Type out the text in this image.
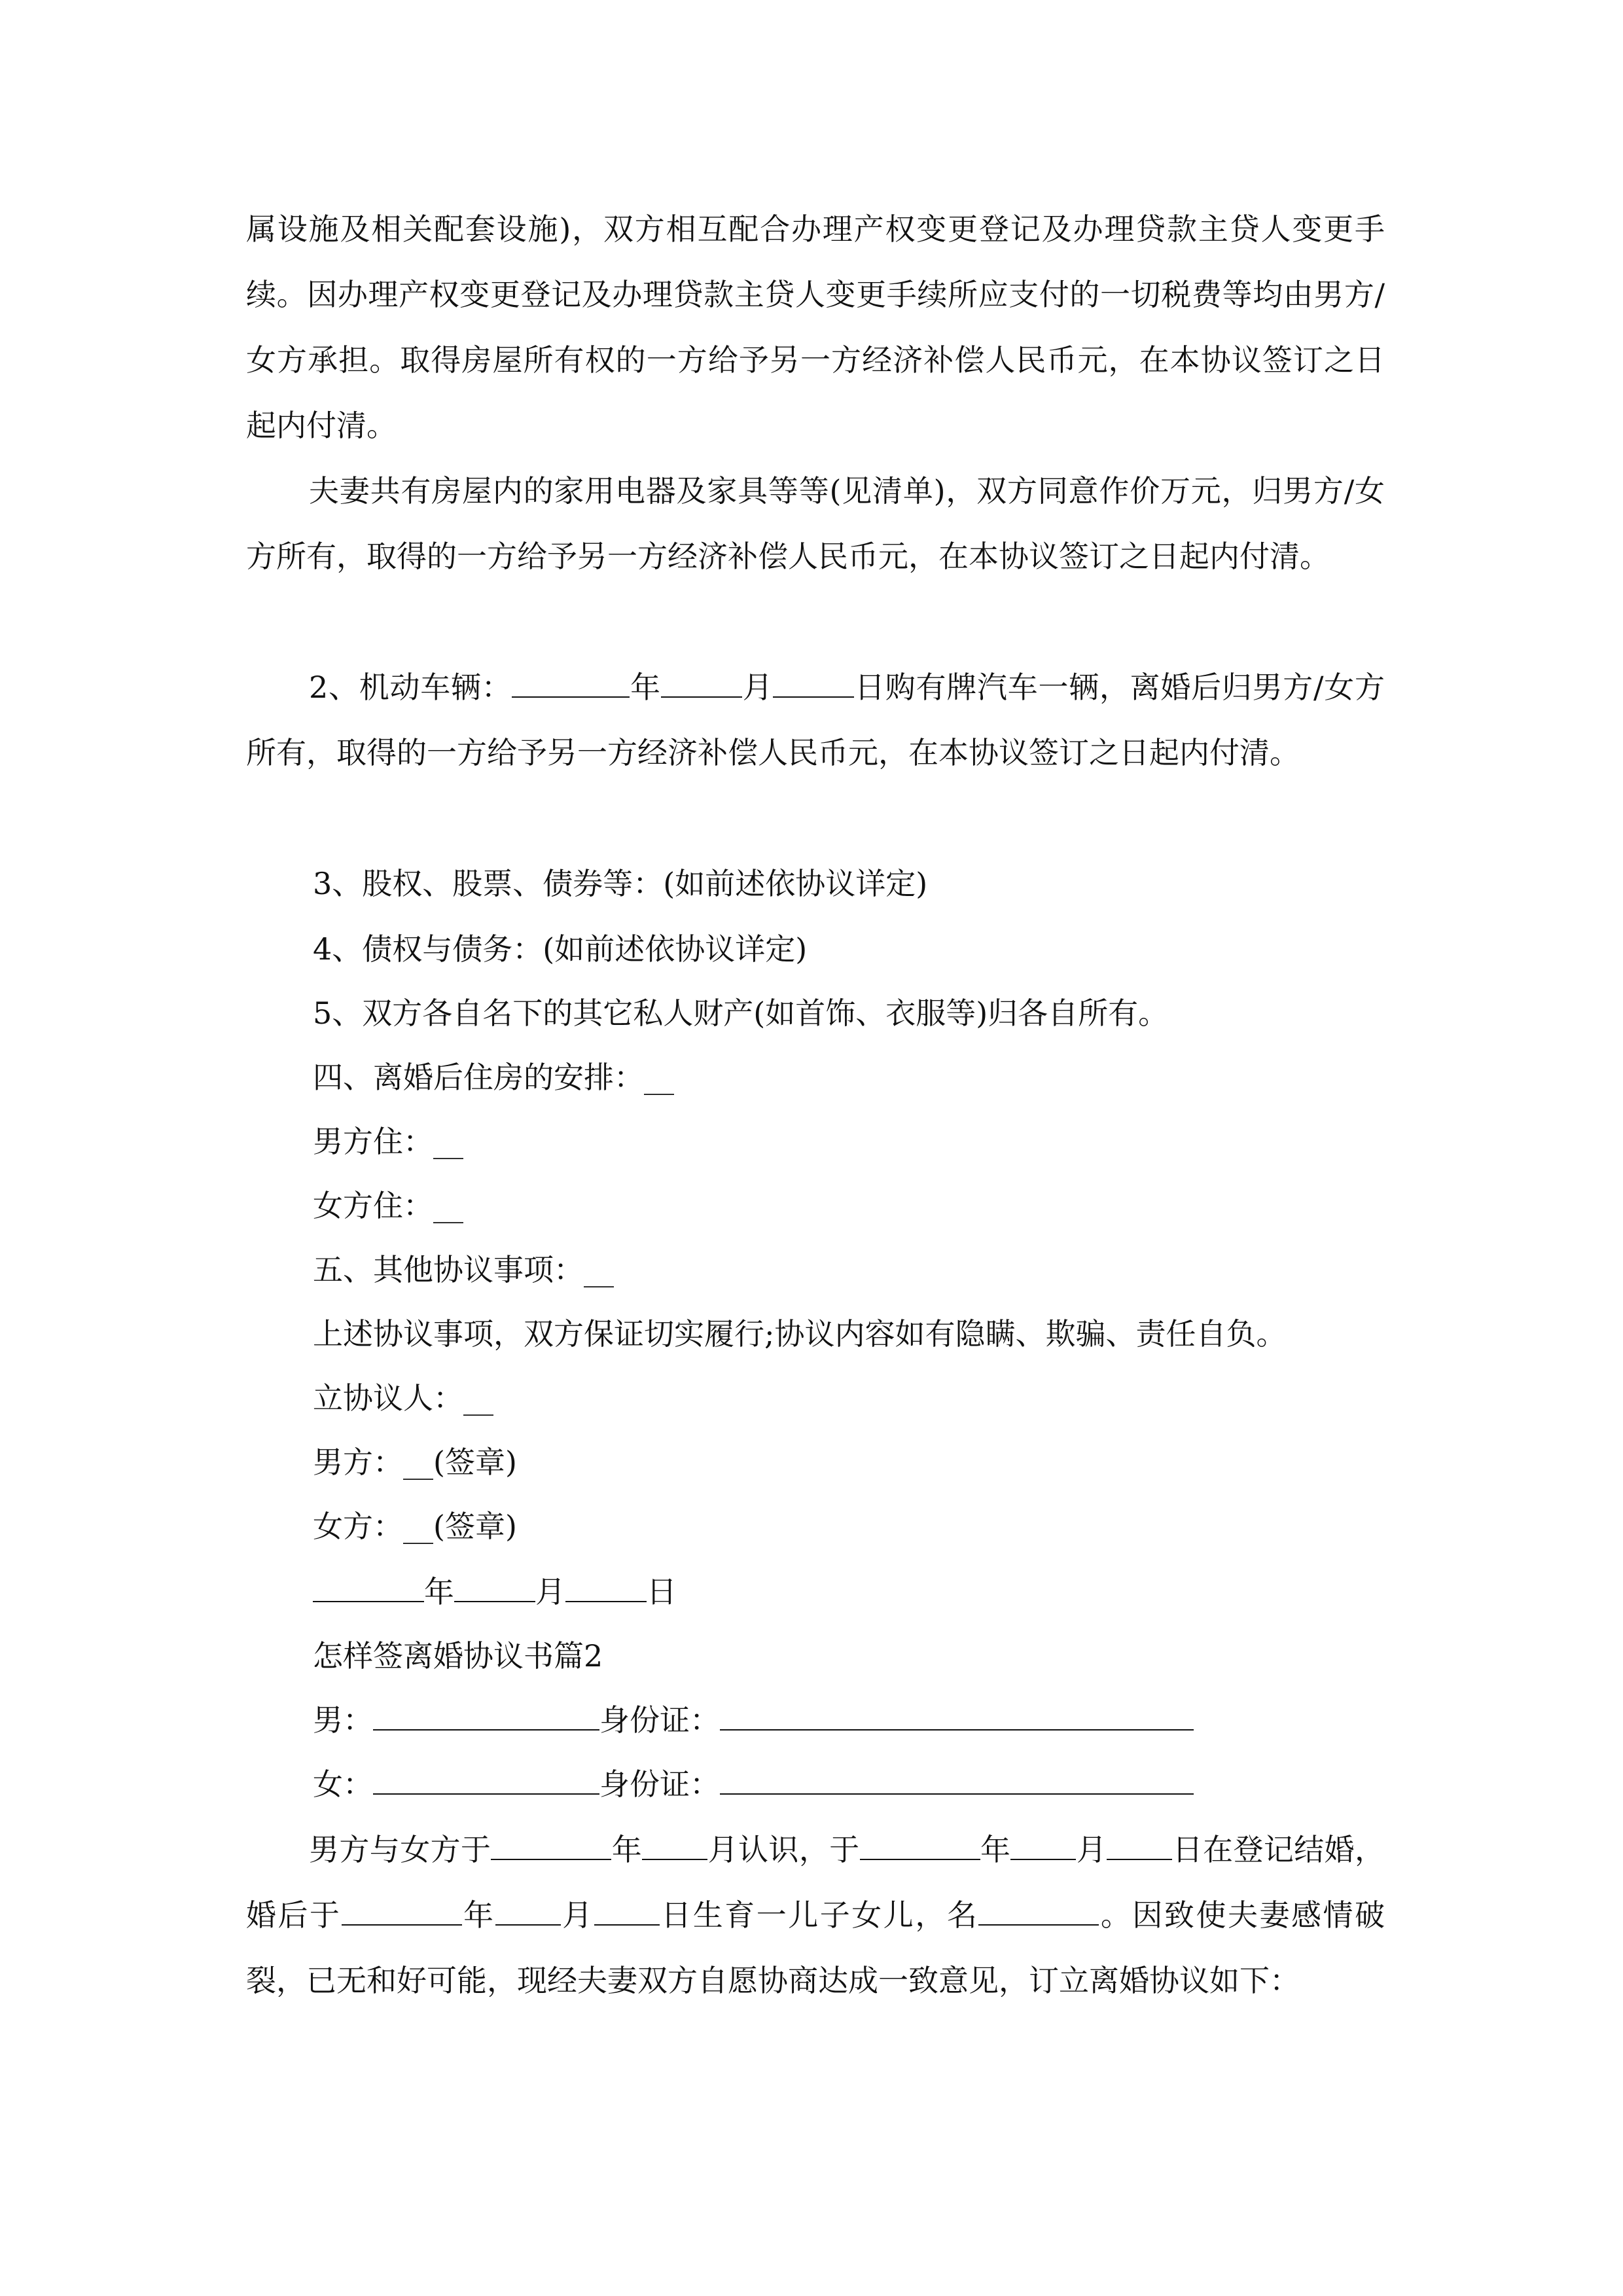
属设施及相关配套设施)，双方相互配合办理产权变更登记及办理贷款主贷人变更手续。因办理产权变更登记及办理贷款主贷人变更手续所应支付的一切税费等均由男方/女方承担。取得房屋所有权的一方给予另一方经济补偿人民币元，在本协议签订之日起内付清。

夫妻共有房屋内的家用电器及家具等等(见清单)，双方同意作价万元，归男方/女方所有，取得的一方给予另一方经济补偿人民币元，在本协议签订之日起内付清。

2、机动车辆：	年	月	日购有牌汽车一辆，离婚后归男方/女方所有，取得的一方给予另一方经济补偿人民币元，在本协议签订之日起内付清。

3、股权、股票、债券等：(如前述依协议详定)

4、债权与债务：(如前述依协议详定)

5、双方各自名下的其它私人财产(如首饰、衣服等)归各自所有。

四、离婚后住房的安排：__

男方住：__

女方住：__

五、其他协议事项：__

上述协议事项，双方保证切实履行;协议内容如有隐瞒、欺骗、责任自负。

立协议人：__

男方：__(签章)

女方：__(签章)

年	月	日

怎样签离婚协议书篇2

男：	身份证：

女：	身份证：

男方与女方于	年 月认识，于	年 月 日在登记结婚，婚后于	年 月 日生育一儿子女儿，名	。因致使夫妻感情破裂，已无和好可能，现经夫妻双方自愿协商达成一致意见，订立离婚协议如下：
